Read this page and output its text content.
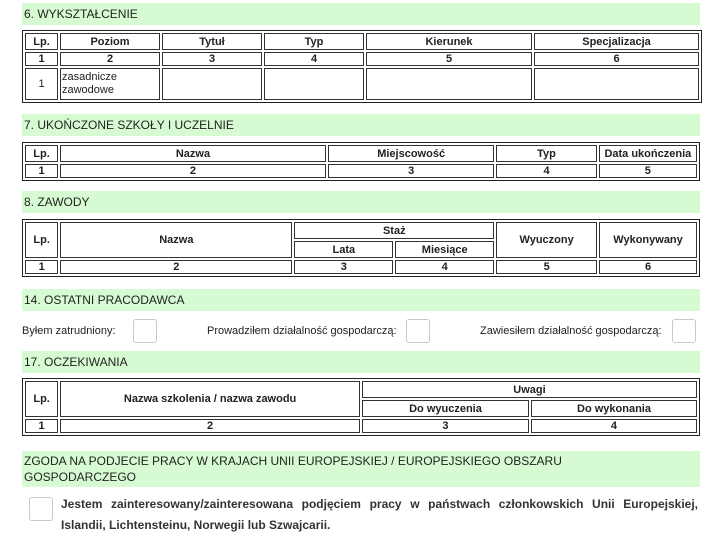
6. WYKSZTAŁCENIE
Lp.	Poziom	Tytuł	Typ	Kierunek	Specjalizacja
1	2	3	4	5	6
1	zasadnicze zawodowe				
7. UKOŃCZONE SZKOŁY I UCZELNIE
Lp.	Nazwa	Miejscowość	Typ	Data ukończenia
1	2	3	4	5
8. ZAWODY
Lp.	Nazwa	Staż		Wyuczony	Wykonywany
		Lata	Miesiące		
1	2	3	4	5	6
14. OSTATNI PRACODAWCA
Byłem zatrudniony:	Prowadziłem działalność gospodarczą:	Zawiesiłem działalność gospodarczą:
17. OCZEKIWANIA
Lp.	Nazwa szkolenia / nazwa zawodu	Uwagi	
		Do wyuczenia	Do wykonania
1	2	3	4
ZGODA NA PODJECIE PRACY W KRAJACH UNII EUROPEJSKIEJ / EUROPEJSKIEGO OBSZARU
GOSPODARCZEGO
Jestem zainteresowany/zainteresowana podjęciem pracy w państwach członkowskich Unii Europejskiej, Islandii, Lichtensteinu, Norwegii lub Szwajcarii.
